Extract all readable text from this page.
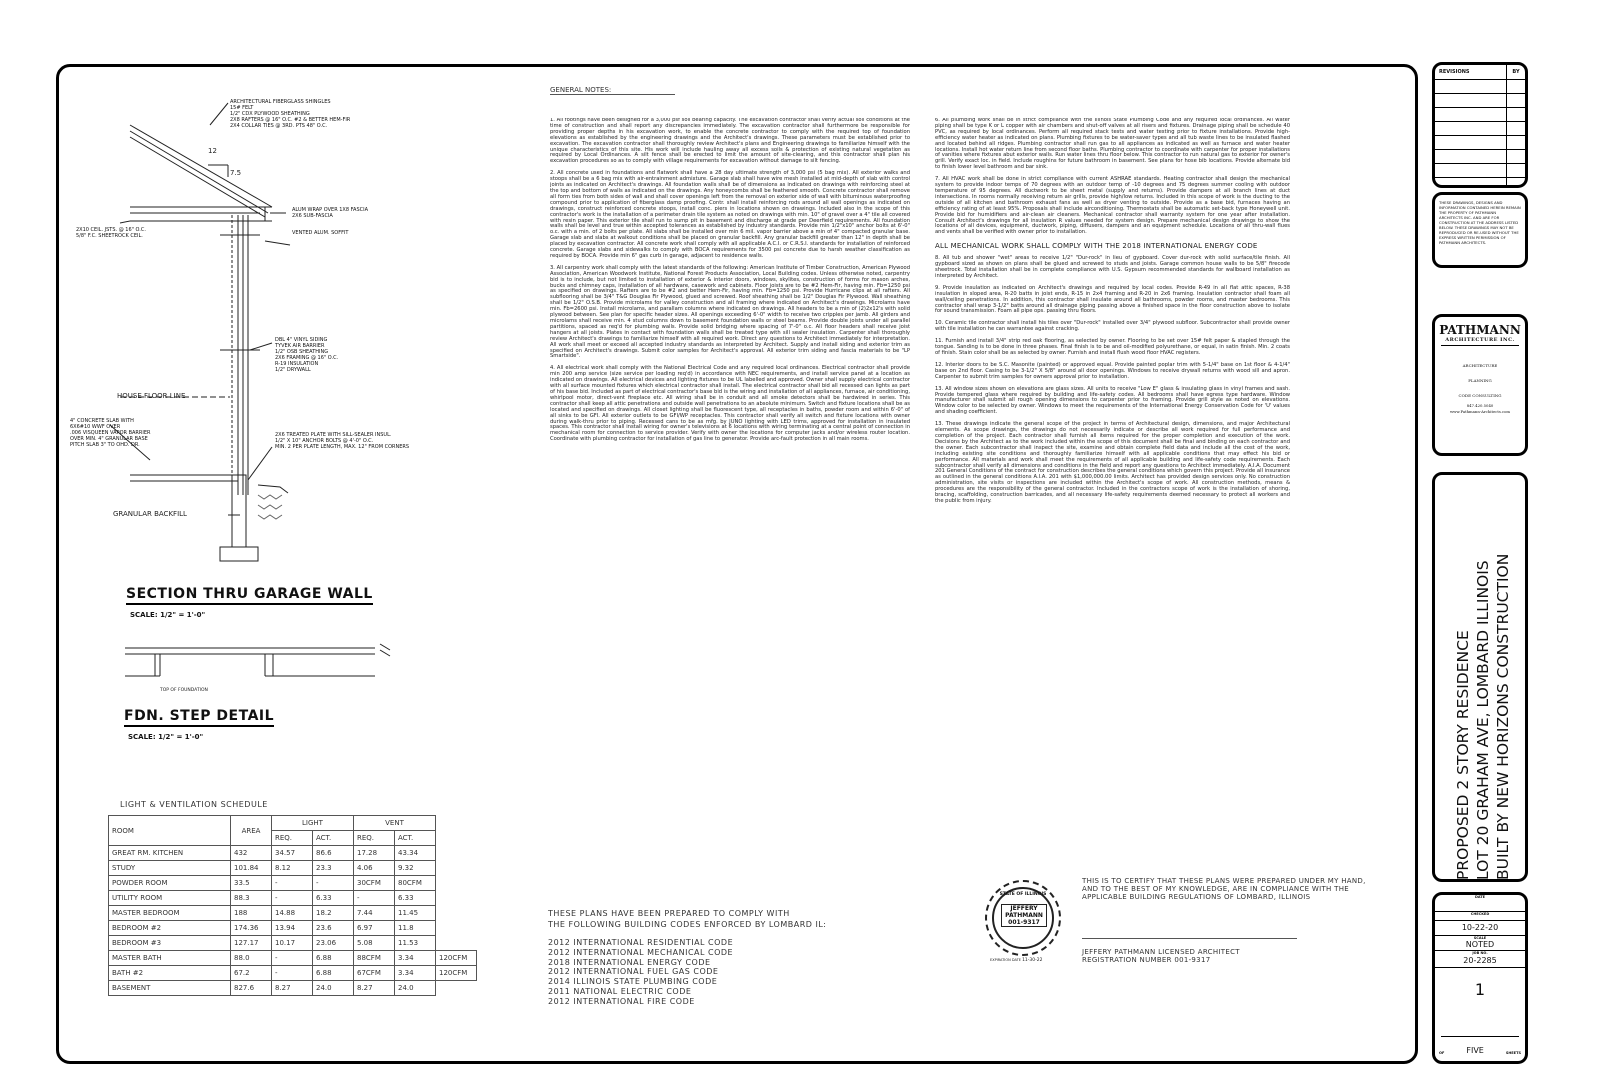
12
7.5
ARCHITECTURAL FIBERGLASS SHINGLES
15# FELT
1/2" CDX PLYWOOD SHEATHING
2X8 RAFTERS @ 16" O.C. #2 & BETTER HEM-FIR
2X4 COLLAR TIES @ 3RD. PTS 48" O.C.
ALUM WRAP OVER 1X8 FASCIA
2X6 SUB-FASCIA
VENTED ALUM. SOFFIT
2X10 CEIL. JSTS. @ 16" O.C.
5/8" F.C. SHEETROCK CEIL.
DBL 4" VINYL SIDING
TYVEK AIR BARRIER
1/2" OSB SHEATHING
2X6 FRAMING @ 16" O.C.
R-19 INSULATION
1/2" DRYWALL
HOUSE FLOOR LINE
4" CONCRETE SLAB WITH
6X6#10 WWF OVER
.006 VISQUEEN VAPOR BARRIER
OVER MIN. 4" GRANULAR BASE
PITCH SLAB 3" TO OHD. DR.
2X6 TREATED PLATE WITH SILL-SEALER INSUL.
1/2" X 10" ANCHOR BOLTS @ 4'-0" O.C.
MIN. 2 PER PLATE LENGTH, MAX. 12" FROM CORNERS
GRANULAR BACKFILL
SECTION THRU GARAGE WALL
SCALE: 1/2" = 1'-0"
TOP OF FOUNDATION
FDN. STEP DETAIL
SCALE: 1/2" = 1'-0"
LIGHT & VENTILATION SCHEDULE
ROOM	AREA	LIGHT		VENT		
		REQ.	ACT.	REQ.	ACT.	
GREAT RM. KITCHEN	432	34.57	86.6	17.28	43.34	
STUDY	101.84	8.12	23.3	4.06	9.32	
POWDER ROOM	33.5	-	-	30CFM	80CFM	
UTILITY ROOM	88.3	-	6.33	-	6.33	
MASTER BEDROOM	188	14.88	18.2	7.44	11.45	
BEDROOM #2	174.36	13.94	23.6	6.97	11.8	
BEDROOM #3	127.17	10.17	23.06	5.08	11.53	
MASTER BATH	88.0	-	6.88	88CFM	3.34	120CFM
BATH #2	67.2	-	6.88	67CFM	3.34	120CFM
BASEMENT	827.6	8.27	24.0	8.27	24.0	
GENERAL NOTES:

1. All footings have been designed for a 3,000 psf soil bearing capacity. The excavation contractor shall verify actual soil conditions at the time of construction and shall report any discrepancies immediately. The excavation contractor shall furthermore be responsible for providing proper depths in his excavation work, to enable the concrete contractor to comply with the required top of foundation elevations as established by the engineering drawings and the Architect's drawings. These parameters must be established prior to excavation. The excavation contractor shall thoroughly review Architect's plans and Engineering drawings to familiarize himself with the unique characteristics of this site. His work will include hauling away all excess soils & protection of existing natural vegetation as required by Local Ordinances. A silt fence shall be erected to limit the amount of site-clearing, and this contractor shall plan his excavation procedures so as to comply with village requirements for excavation without damage to silt fencing.

2. All concrete used in foundations and flatwork shall have a 28 day ultimate strength of 3,000 psi (5 bag mix). All exterior walks and stoops shall be a 6 bag mix with air-entrainment admixture. Garage slab shall have wire mesh installed at mid-depth of slab with control joints as indicated on Architect's drawings. All foundation walls shall be of dimensions as indicated on drawings with reinforcing steel at the top and bottom of walls as indicated on the drawings. Any honeycombs shall be feathered smooth. Concrete contractor shall remove all form ties from both sides of wall and shall cover openings left from the removal on exterior side of wall with bituminous waterproofing compound prior to application of fiberglass damp proofing. Contr. shall install reinforcing rods around all wall openings as indicated on drawings, construct reinforced concrete stoops, install conc. piers in locations shown on drawings. Included also in the scope of this contractor's work is the installation of a perimeter drain tile system as noted on drawings with min. 10" of gravel over a 4" tile all covered with resin paper. This exterior tile shall run to sump pit in basement and discharge at grade per Deerfield requirements. All foundation walls shall be level and true within accepted tolerances as established by industry standards. Provide min 1/2"x10" anchor bolts at 6'-0" o.c. with a min. of 2 bolts per plate. All slabs shall be installed over min 6 mil. vapor barrier above a min of 4" compacted granular base. Garage slab and slabs at walkout conditions shall be placed on granular backfill. Any granular backfill greater than 12" in depth shall be placed by excavation contractor. All concrete work shall comply with all applicable A.C.I. or C.R.S.I. standards for installation of reinforced concrete. Garage slabs and sidewalks to comply with BOCA requirements for 3500 psi concrete due to harsh weather classification as required by BOCA. Provide min 6" gas curb in garage, adjacent to residence walls.

3. All carpentry work shall comply with the latest standards of the following: American Institute of Timber Construction, American Plywood Association, American Woodwork Institute, National Forest Products Association, Local Building codes. Unless otherwise noted, carpentry bid is to include, but not limited to installation of exterior & interior doors, windows, skylites, construction of forms for mason arches, bucks and chimney caps, installation of all hardware, casework and cabinets. Floor joists are to be #2 Hem-Fir, having min. Fb=1250 psi as specified on drawings. Rafters are to be #2 and better Hem-Fir, having min. Fb=1250 psi. Provide Hurricane clips at all rafters. All subflooring shall be 3/4" T&G Douglas Fir Plywood, glued and screwed. Roof sheathing shall be 1/2" Douglas Fir Plywood. Wall sheathing shall be 1/2" O.S.B. Provide microlams for valley construction and all framing where indicated on Architect's drawings. Microlams have min. Fb=2600 psi. Install microlams, and parallam columns where indicated on drawings. All headers to be a min of (2)2x12's with solid plywood between. See plan for specific header sizes. All openings exceeding 6'-0" width to receive two cripples per jamb. All girders and microlams shall receive min. 4 stud columns down to basement foundation walls or steel beams. Provide double joists under all parallel partitions, spaced as req'd for plumbing walls. Provide solid bridging where spacing of 7'-0" o.c. All floor headers shall receive joist hangers at all joists. Plates in contact with foundation walls shall be treated type with sill sealer insulation. Carpenter shall thoroughly review Architect's drawings to familiarize himself with all required work. Direct any questions to Architect immediately for interpretation. All work shall meet or exceed all accepted industry standards as interpreted by Architect. Supply and install siding and exterior trim as specified on Architect's drawings. Submit color samples for Architect's approval. All exterior trim siding and fascia materials to be "LP Smartside".

4. All electrical work shall comply with the National Electrical Code and any required local ordinances. Electrical contractor shall provide min 200 amp service (size service per loading req'd) in accordance with NEC requirements, and install service panel at a location as indicated on drawings. All electrical devices and lighting fixtures to be UL labelled and approved. Owner shall supply electrical contractor with all surface mounted fixtures which electrical contractor shall install. The electrical contractor shall bid all recessed can lights as part of his base bid. Included as part of electrical contractor's base bid is the wiring and installation of all appliances, furnace, air conditioning, whirlpool motor, direct-vent fireplace etc. All wiring shall be in conduit and all smoke detectors shall be hardwired in series. This contractor shall keep all attic penetrations and outside wall penetrations to an absolute minimum. Switch and fixture locations shall be as located and specified on drawings. All closet lighting shall be fluorescent type, all receptacles in baths, powder room and within 6'-0" of all sinks to be GFI. All exterior outlets to be GFI/WP receptacles. This contractor shall verify all switch and fixture locations with owner during walk-thru prior to piping. Recessed cans to be as mfg. by JUNO lighting with LED trims, approved for installation in insulated spaces. This contractor shall install wiring for owner's televisions at 6 locations with wiring terminating at a central point of connection in mechanical room for connection to service provider. Verify with owner the locations for computer jacks and/or wireless router location. Coordinate with plumbing contractor for installation of gas line to generator. Provide arc-fault protection in all main rooms.

6. All plumbing work shall be in strict compliance with the Illinois State Plumbing Code and any required local ordinances. All water piping shall be type K or L copper with air chambers and shut-off valves at all risers and fixtures. Drainage piping shall be schedule 40 PVC, as required by local ordinances. Perform all required stack tests and water testing prior to fixture installations. Provide high-efficiency water heater as indicated on plans. Plumbing fixtures to be water-saver types and all tub waste lines to be insulated flashed and located behind all ridges. Plumbing contractor shall run gas to all appliances as indicated as well as furnace and water heater locations. Install hot water return line from second floor baths. Plumbing contractor to coordinate with carpenter for proper installations of vanities where fixtures abut exterior walls. Run water lines thru floor below. This contractor to run natural gas to exterior for owner's grill. Verify exact loc. in field. Include roughins for future bathroom in basement. See plans for hose bib locations. Provide alternate bid to finish lower level bathroom and bar sink.

7. All HVAC work shall be done in strict compliance with current ASHRAE standards. Heating contractor shall design the mechanical system to provide indoor temps of 70 degrees with an outdoor temp of -10 degrees and 75 degrees summer cooling with outdoor temperature of 95 degrees. All ductwork to be sheet metal (supply and returns). Provide dampers at all branch lines at duct intersections. In rooms normally receiving return air grills, provide high/low returns. Included in this scope of work is the ducting to the outside of all kitchen and bathroom exhaust fans as well as dryer venting to outside. Provide as a base bid, furnaces having an efficiency rating of at least 95%. Proposals shall include airconditioning. Thermostats shall be automatic set-back type Honeywell unit. Provide bid for humidifiers and air-clean air cleaners. Mechanical contractor shall warranty system for one year after installation. Consult Architect's drawings for all insulation R values needed for system design. Prepare mechanical design drawings to show the locations of all devices, equipment, ductwork, piping, diffusers, dampers and an equipment schedule. Locations of all thru-wall flues and vents shall be verified with owner prior to installation.

ALL MECHANICAL WORK SHALL COMPLY WITH THE 2018 INTERNATIONAL ENERGY CODE

8. All tub and shower "wet" areas to receive 1/2" "Dur-rock" in lieu of gypboard. Cover dur-rock with solid surface/tile finish. All gypboard sized as shown on plans shall be glued and screwed to studs and joists. Garage common house walls to be 5/8" firecode sheetrock. Total installation shall be in complete compliance with U.S. Gypsum recommended standards for wallboard installation as interpreted by Architect.

9. Provide insulation as indicated on Architect's drawings and required by local codes. Provide R-49 in all flat attic spaces, R-38 insulation in sloped area, R-20 batts in joist ends, R-15 in 2x4 framing and R-20 in 2x6 framing. Insulation contractor shall foam all wall/ceiling penetrations. In addition, this contractor shall insulate around all bathrooms, powder rooms, and master bedrooms. This contractor shall wrap 3-1/2" batts around all drainage piping passing above a finished space in the floor construction above to isolate for sound transmission. Foam all pipe ops. passing thru floors.

10. Ceramic tile contractor shall install his tiles over "Dur-rock" installed over 3/4" plywood subfloor. Subcontractor shall provide owner with tile installation he can warrantee against cracking.

11. Furnish and install 3/4" strip red oak flooring, as selected by owner. Flooring to be set over 15# felt paper & stapled through the tongue. Sanding is to be done in three phases. Final finish is to be and oil-modified polyurethane, or equal, in satin finish. Min. 2 coats of finish. Stain color shall be as selected by owner. Furnish and install flush wood floor HVAC registers.

12. Interior doors to be S.C. Masonite (painted) or approved equal. Provide painted poplar trim with 5-1/4" base on 1st floor & 4-1/4" base on 2nd floor. Casing to be 3-1/2" X 5/8" around all door openings. Windows to receive drywall returns with wood sill and apron. Carpenter to submit trim samples for owners approval prior to installation.

13. All window sizes shown on elevations are glass sizes. All units to receive "Low E" glass & insulating glass in vinyl frames and sash. Provide tempered glass where required by building and life-safety codes. All bedrooms shall have egress type hardware. Window manufacturer shall submit all rough opening dimensions to carpenter prior to framing. Provide grill style as noted on elevations. Window color to be selected by owner. Windows to meet the requirements of the International Energy Conservation Code for 'U' values and shading coefficient.

13. These drawings indicate the general scope of the project in terms of Architectural design, dimensions, and major Architectural elements. As scope drawings, the drawings do not necessarily indicate or describe all work required for full performance and completion of the project. Each contractor shall furnish all items required for the proper completion and execution of the work. Decisions by the Architect as to the work included within the scope of this document shall be final and binding on each contractor and the owner. Each subcontractor shall inspect the site, examine and obtain complete field data and include all the cost of the work, including existing site conditions and thoroughly familiarize himself with all applicable conditions that may effect his bid or performance. All materials and work shall meet the requirements of all applicable building and life-safety code requirements. Each subcontractor shall verify all dimensions and conditions in the field and report any questions to Architect immediately. A.I.A. Document 201 General Conditions of the contract for construction describes the general conditions which govern this project. Provide all insurance as outlined in the general conditions A.I.A. 201 with $1,000,000.00 limits. Architect has provided design services only. No construction administration, site visits or inspections are included within the Architect's scope of work. All construction methods, means & procedures are the responsibility of the general contractor. Included in the contractors scope of work is the installation of shoring, bracing, scaffolding, construction barricades, and all necessary life-safety requirements deemed necessary to protect all workers and the public from injury.

THESE PLANS HAVE BEEN PREPARED TO COMPLY WITH
THE FOLLOWING BUILDING CODES ENFORCED BY LOMBARD IL:
2012 INTERNATIONAL RESIDENTIAL CODE
2012 INTERNATIONAL MECHANICAL CODE
2018 INTERNATIONAL ENERGY CODE
2012 INTERNATIONAL FUEL GAS CODE
2014 ILLINOIS STATE PLUMBING CODE
2011 NATIONAL ELECTRIC CODE
2012 INTERNATIONAL FIRE CODE
STATE OF ILLINOIS
JEFFERY
PATHMANN
001-9317
EXPIRATION DATE 11-30-22
THIS IS TO CERTIFY THAT THESE PLANS WERE PREPARED UNDER MY HAND,
AND TO THE BEST OF MY KNOWLEDGE, ARE IN COMPLIANCE WITH THE
APPLICABLE BUILDING REGULATIONS OF LOMBARD, ILLINOIS
JEFFERY PATHMANN LICENSED ARCHITECT
REGISTRATION NUMBER 001-9317
REVISIONS	BY
THESE DRAWINGS, DESIGNS AND INFORMATION CONTAINED HEREIN REMAIN THE PROPERTY OF PATHMANN ARCHITECTS INC. AND ARE FOR CONSTRUCTION AT THE ADDRESS LISTED BELOW. THESE DRAWINGS MAY NOT BE REPRODUCED OR RE-USED WITHOUT THE EXPRESS WRITTEN PERMISSION OF PATHMANN ARCHITECTS.
PATHMANN
ARCHITECTURE INC.
ARCHITECTURE
PLANNING
CODE CONSULTING
847.420.5040
www.Pathmann-Architects.com
PROPOSED 2 STORY RESIDENCE LOT 20 GRAHAM AVE, LOMBARD ILLINOIS BUILT BY NEW HORIZONS CONSTRUCTION
DATE
CHECKED
10-22-20
SCALE
NOTED
JOB NO.
20-2285
1
OF	FIVE	SHEETS
